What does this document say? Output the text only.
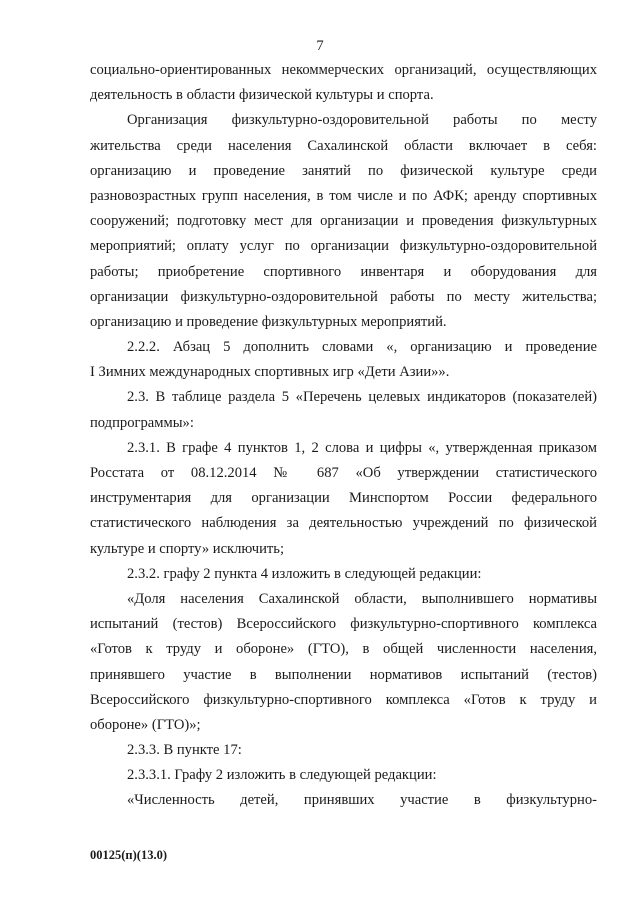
7
социально-ориентированных некоммерческих организаций, осуществляющих
деятельность в области физической культуры и спорта.
Организация физкультурно-оздоровительной работы по месту
жительства среди населения Сахалинской области включает в себя:
организацию и проведение занятий по физической культуре среди
разновозрастных групп населения, в том числе и по АФК; аренду спортивных
сооружений; подготовку мест для организации и проведения физкультурных
мероприятий; оплату услуг по организации физкультурно-оздоровительной
работы; приобретение спортивного инвентаря и оборудования для
организации физкультурно-оздоровительной работы по месту жительства;
организацию и проведение физкультурных мероприятий.
2.2.2. Абзац 5 дополнить словами «, организацию и проведение
I Зимних международных спортивных игр «Дети Азии»».
2.3. В таблице раздела 5 «Перечень целевых индикаторов (показателей)
подпрограммы»:
2.3.1. В графе 4 пунктов 1, 2 слова и цифры «, утвержденная приказом
Росстата от 08.12.2014 № 687 «Об утверждении статистического
инструментария для организации Минспортом России федерального
статистического наблюдения за деятельностью учреждений по физической
культуре и спорту» исключить;
2.3.2. графу 2 пункта 4 изложить в следующей редакции:
«Доля населения Сахалинской области, выполнившего нормативы
испытаний (тестов) Всероссийского физкультурно-спортивного комплекса
«Готов к труду и обороне» (ГТО), в общей численности населения,
принявшего участие в выполнении нормативов испытаний (тестов)
Всероссийского физкультурно-спортивного комплекса «Готов к труду и
обороне» (ГТО)»;
2.3.3. В пункте 17:
2.3.3.1. Графу 2 изложить в следующей редакции:
«Численность детей, принявших участие в физкультурно-
00125(п)(13.0)
